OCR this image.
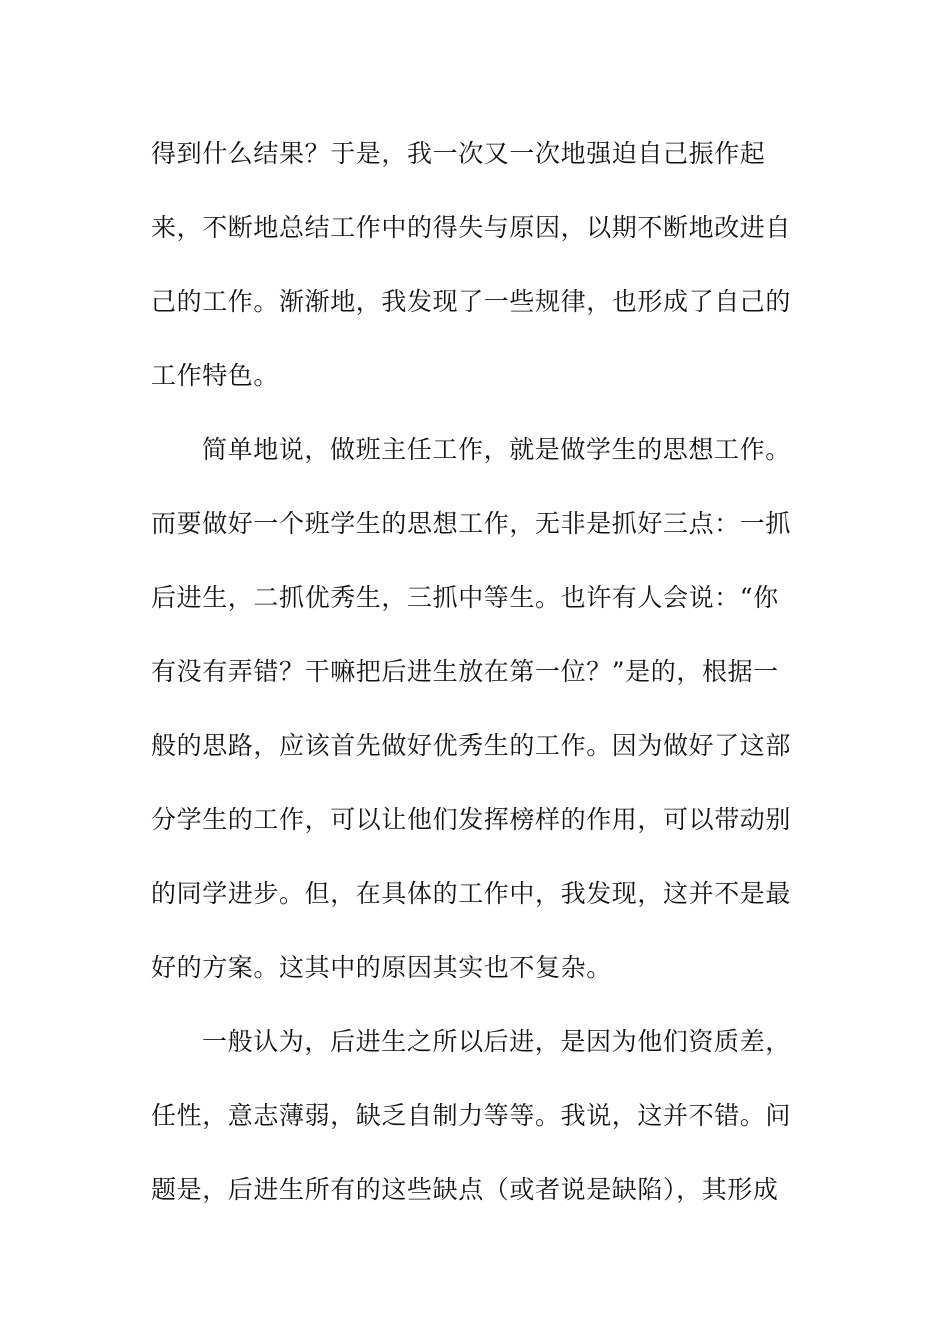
得到什么结果？于是，我一次又一次地强迫自己振作起
来，不断地总结工作中的得失与原因，以期不断地改进自
己的工作。渐渐地，我发现了一些规律，也形成了自己的
工作特色。
简单地说，做班主任工作，就是做学生的思想工作。
而要做好一个班学生的思想工作，无非是抓好三点：一抓
后进生，二抓优秀生，三抓中等生。也许有人会说：“你
有没有弄错？干嘛把后进生放在第一位？”是的，根据一
般的思路，应该首先做好优秀生的工作。因为做好了这部
分学生的工作，可以让他们发挥榜样的作用，可以带动别
的同学进步。但，在具体的工作中，我发现，这并不是最
好的方案。这其中的原因其实也不复杂。
一般认为，后进生之所以后进，是因为他们资质差，
任性，意志薄弱，缺乏自制力等等。我说，这并不错。问
题是，后进生所有的这些缺点（或者说是缺陷），其形成
